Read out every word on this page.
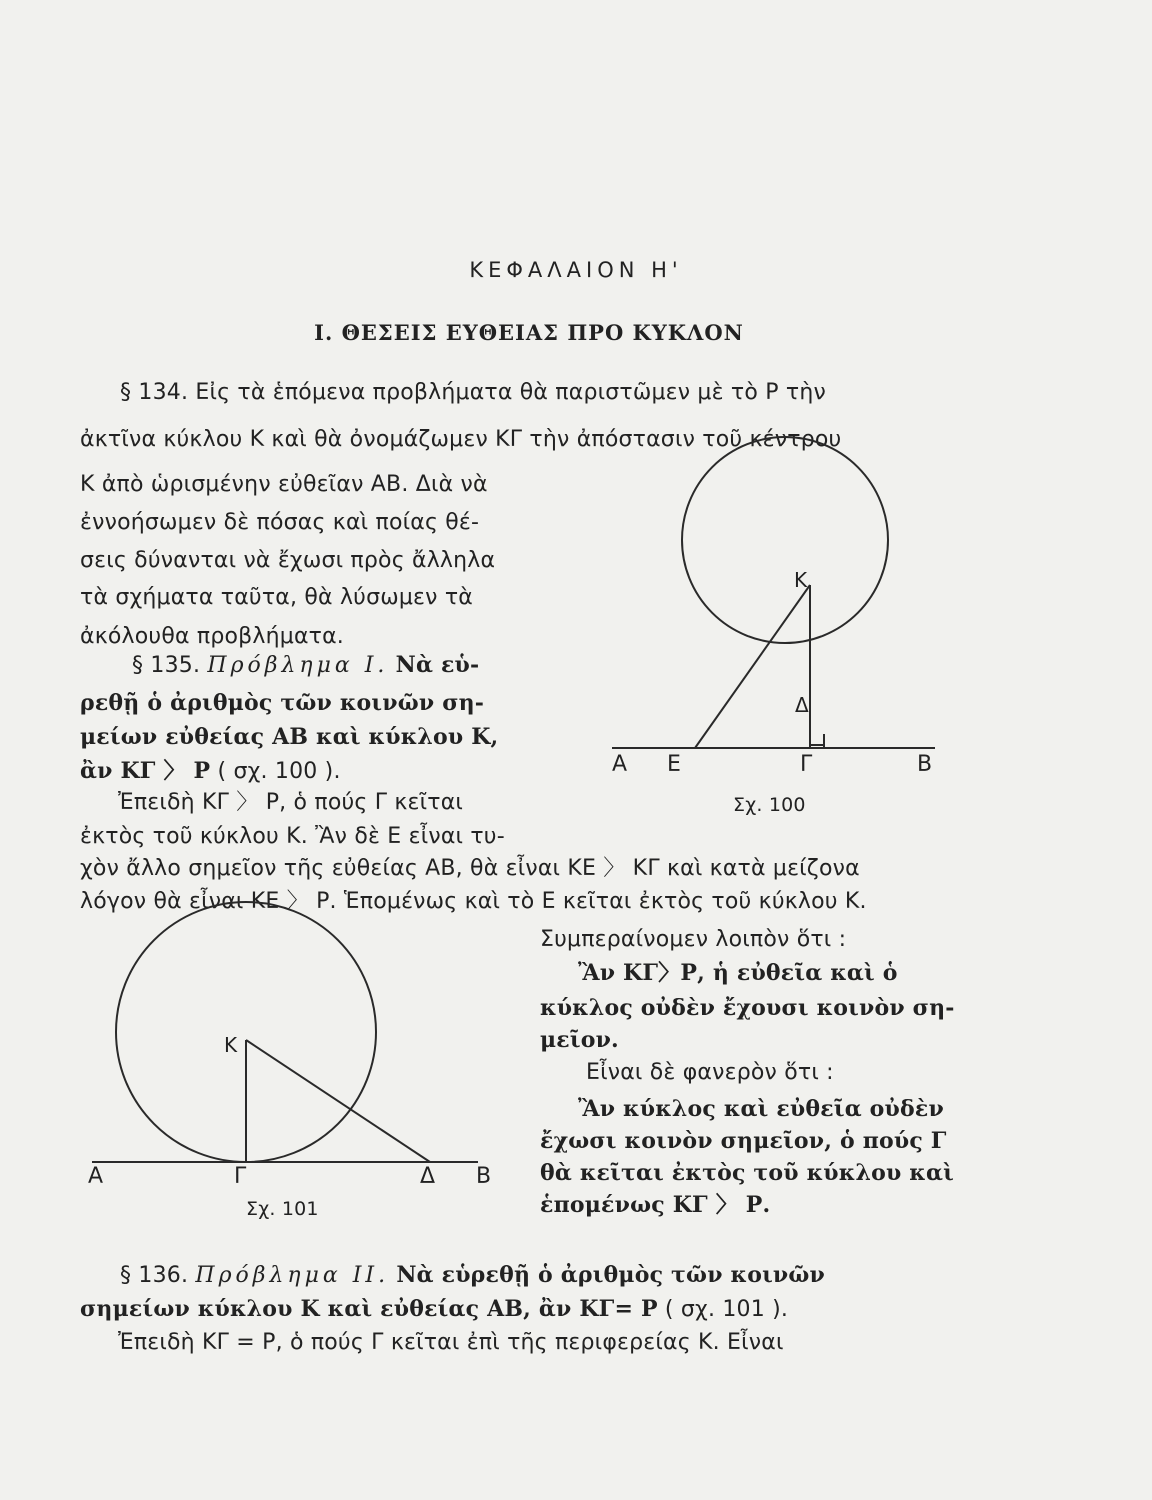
ΚΕΦΑΛΑΙΟΝ Η'
Ι. ΘΕΣΕΙΣ ΕΥΘΕΙΑΣ ΠΡΟ ΚΥΚΛΟΝ
§ 134. Εἰς τὰ ἑπόμενα προβλήματα θὰ παριστῶμεν μὲ τὸ Ρ τὴν
ἀκτῖνα κύκλου Κ καὶ θὰ ὀνομάζωμεν ΚΓ τὴν ἀπόστασιν τοῦ κέντρου
Κ ἀπὸ ὡρισμένην εὐθεῖαν ΑΒ. Διὰ νὰ
ἐννοήσωμεν δὲ πόσας καὶ ποίας θέ-
σεις δύνανται νὰ ἔχωσι πρὸς ἄλληλα
τὰ σχήματα ταῦτα, θὰ λύσωμεν τὰ
ἀκόλουθα προβλήματα.
§ 135. Πρόβλημα Ι. Νὰ εὑ-
ρεθῇ ὁ ἀριθμὸς τῶν κοινῶν ση-
μείων εὐθείας ΑΒ καὶ κύκλου Κ,
ἂν ΚΓ 〉 Ρ ( σχ. 100 ).
Ἐπειδὴ ΚΓ 〉 Ρ, ὁ πούς Γ κεῖται
ἐκτὸς τοῦ κύκλου Κ. Ἂν δὲ Ε εἶναι τυ-
χὸν ἄλλο σημεῖον τῆς εὐθείας ΑΒ, θὰ εἶναι ΚΕ 〉 ΚΓ καὶ κατὰ μείζονα
λόγον θὰ εἶναι ΚΕ 〉 Ρ. Ἑπομένως καὶ τὸ Ε κεῖται ἐκτὸς τοῦ κύκλου Κ.
Συμπεραίνομεν λοιπὸν ὅτι :
Ἂν ΚΓ〉Ρ, ἡ εὐθεῖα καὶ ὁ
κύκλος οὐδὲν ἔχουσι κοινὸν ση-
μεῖον.
Εἶναι δὲ φανερὸν ὅτι :
Ἂν κύκλος καὶ εὐθεῖα οὐδὲν
ἔχωσι κοινὸν σημεῖον, ὁ πούς Γ
θὰ κεῖται ἐκτὸς τοῦ κύκλου καὶ
ἑπομένως ΚΓ 〉 Ρ.
§ 136. Πρόβλημα ΙΙ. Νὰ εὑρεθῇ ὁ ἀριθμὸς τῶν κοινῶν
σημείων κύκλου Κ καὶ εὐθείας ΑΒ, ἂν ΚΓ= Ρ ( σχ. 101 ).
Ἐπειδὴ ΚΓ = Ρ, ὁ πούς Γ κεῖται ἐπὶ τῆς περιφερείας Κ. Εἶναι
Κ
Δ
Α Ε	Γ	Β
Σχ. 100
Κ
Α	Γ	Δ Β
Σχ. 101
